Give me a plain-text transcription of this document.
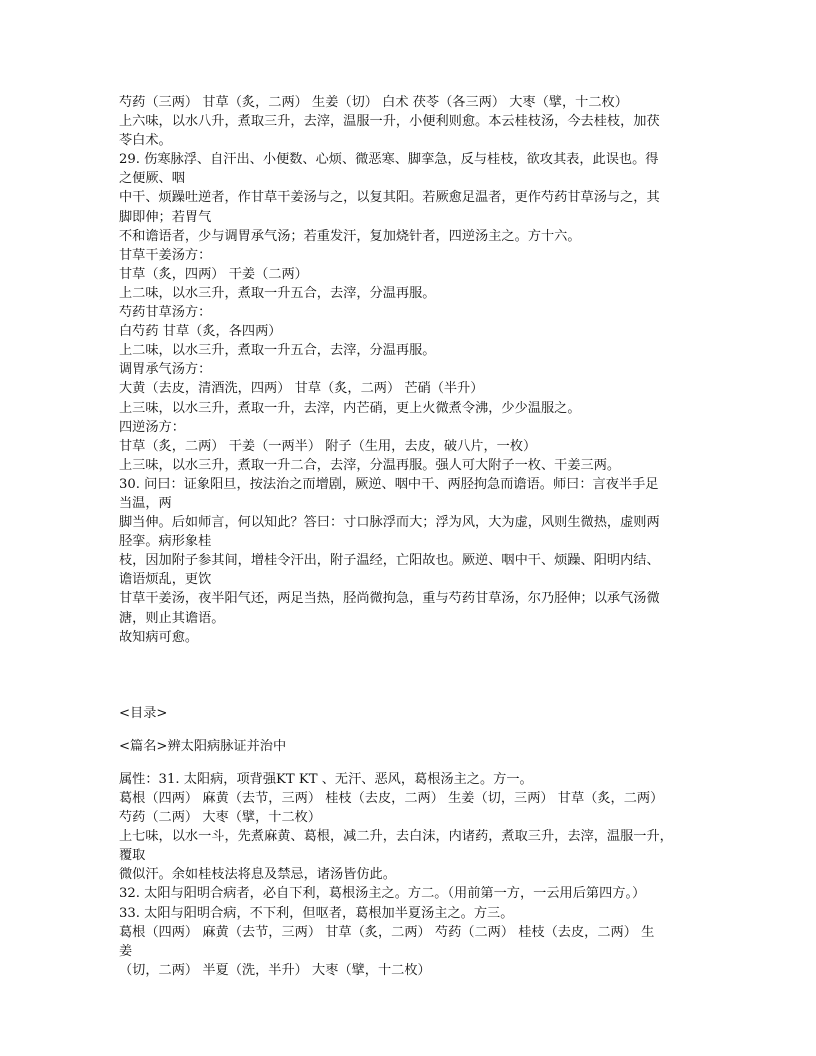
芍药（三两） 甘草（炙，二两） 生姜（切） 白术 茯苓（各三两） 大枣（擘，十二枚）
上六味，以水八升，煮取三升，去滓，温服一升，小便利则愈。本云桂枝汤，今去桂枝，加茯
苓白术。
29. 伤寒脉浮、自汗出、小便数、心烦、微恶寒、脚挛急，反与桂枝，欲攻其表，此误也。得
之便厥、咽
中干、烦躁吐逆者，作甘草干姜汤与之，以复其阳。若厥愈足温者，更作芍药甘草汤与之，其
脚即伸；若胃气
不和谵语者，少与调胃承气汤；若重发汗，复加烧针者，四逆汤主之。方十六。
甘草干姜汤方：
甘草（炙，四两） 干姜（二两）
上二味，以水三升，煮取一升五合，去滓，分温再服。
芍药甘草汤方：
白芍药 甘草（炙，各四两）
上二味，以水三升，煮取一升五合，去滓，分温再服。
调胃承气汤方：
大黄（去皮，清酒洗，四两） 甘草（炙，二两） 芒硝（半升）
上三味，以水三升，煮取一升，去滓，内芒硝，更上火微煮令沸，少少温服之。
四逆汤方：
甘草（炙，二两） 干姜（一两半） 附子（生用，去皮，破八片，一枚）
上三味，以水三升，煮取一升二合，去滓，分温再服。强人可大附子一枚、干姜三两。
30. 问曰：证象阳旦，按法治之而增剧，厥逆、咽中干、两胫拘急而谵语。师曰：言夜半手足
当温，两
脚当伸。后如师言，何以知此？答曰：寸口脉浮而大；浮为风，大为虚，风则生微热，虚则两
胫挛。病形象桂
枝，因加附子参其间，增桂令汗出，附子温经，亡阳故也。厥逆、咽中干、烦躁、阳明内结、
谵语烦乱，更饮
甘草干姜汤，夜半阳气还，两足当热，胫尚微拘急，重与芍药甘草汤，尔乃胫伸；以承气汤微
溏，则止其谵语。
故知病可愈。
<目录>
<篇名>辨太阳病脉证并治中
属性：31. 太阳病，项背强KT KT 、无汗、恶风，葛根汤主之。方一。
葛根（四两） 麻黄（去节，三两） 桂枝（去皮，二两） 生姜（切，三两） 甘草（炙，二两）
芍药（二两） 大枣（擘，十二枚）
上七味，以水一斗，先煮麻黄、葛根，减二升，去白沫，内诸药，煮取三升，去滓，温服一升，
覆取
微似汗。余如桂枝法将息及禁忌，诸汤皆仿此。
32. 太阳与阳明合病者，必自下利，葛根汤主之。方二。（用前第一方，一云用后第四方。）
33. 太阳与阳明合病，不下利，但呕者，葛根加半夏汤主之。方三。
葛根（四两） 麻黄（去节，三两） 甘草（炙，二两） 芍药（二两） 桂枝（去皮，二两） 生
姜
（切，二两） 半夏（洗，半升） 大枣（擘，十二枚）
